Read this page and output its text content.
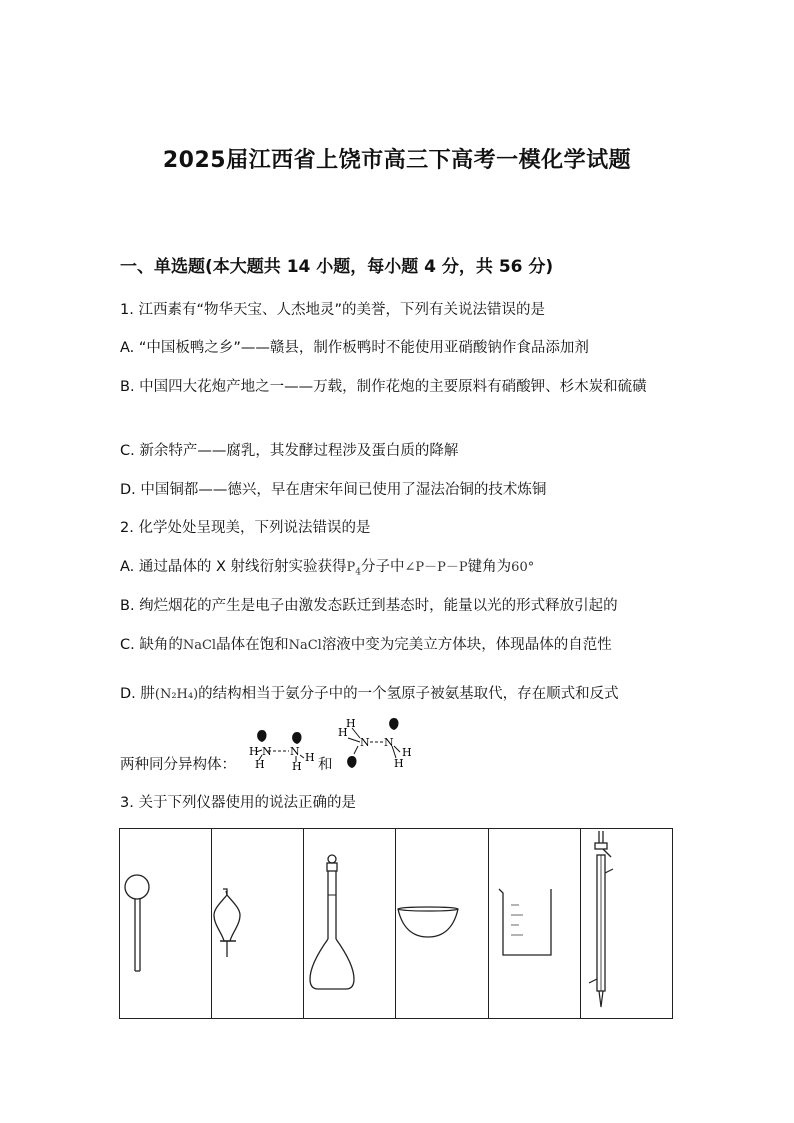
2025届江西省上饶市高三下高考一模化学试题
一、单选题(本大题共 14 小题，每小题 4 分，共 56 分)
1. 江西素有“物华天宝、人杰地灵”的美誉，下列有关说法错误的是
A. “中国板鸭之乡”——赣县，制作板鸭时不能使用亚硝酸钠作食品添加剂
B. 中国四大花炮产地之一——万载，制作花炮的主要原料有硝酸钾、杉木炭和硫磺
C. 新余特产——腐乳，其发酵过程涉及蛋白质的降解
D. 中国铜都——德兴，早在唐宋年间已使用了湿法冶铜的技术炼铜
2. 化学处处呈现美，下列说法错误的是
A. 通过晶体的 X 射线衍射实验获得$P_4$分子中∠P－P－P键角为60°
B. 绚烂烟花的产生是电子由激发态跃迁到基态时，能量以光的形式释放引起的
C. 缺角的NaCl晶体在饱和NaCl溶液中变为完美立方体块，体现晶体的自范性
D. 肼(N₂H₄)的结构相当于氨分子中的一个氢原子被氨基取代，存在顺式和反式
两种同分异构体：
H N
H
N H
H 和
H
H
N N
H
H
3. 关于下列仪器使用的说法正确的是
